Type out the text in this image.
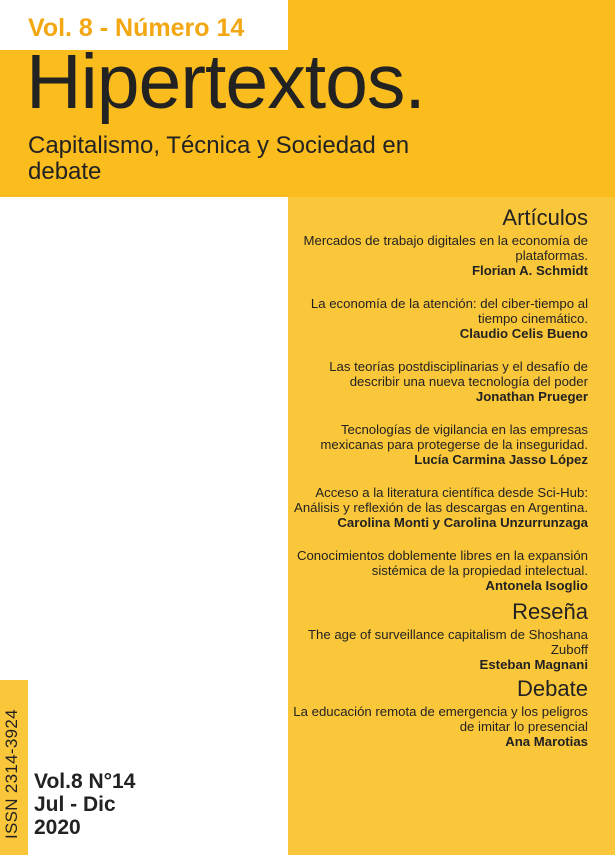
Vol. 8 - Número 14
Hipertextos.
Capitalismo, Técnica y Sociedad en debate
ISSN 2314-3924 Vol.8 N°14
Jul - Dic
2020
Artículos
Mercados de trabajo digitales en la economía de plataformas.
Florian A. Schmidt
La economía de la atención: del ciber-tiempo al tiempo cinemático.
Claudio Celis Bueno
Las teorías postdisciplinarias y el desafío de describir una nueva tecnología del poder
Jonathan Prueger
Tecnologías de vigilancia en las empresas mexicanas para protegerse de la inseguridad.
Lucía Carmina Jasso López
Acceso a la literatura científica desde Sci-Hub: Análisis y reflexión de las descargas en Argentina.
Carolina Monti y Carolina Unzurrunzaga
Conocimientos doblemente libres en la expansión sistémica de la propiedad intelectual.
Antonela Isoglio
Reseña
The age of surveillance capitalism de Shoshana Zuboff
Esteban Magnani
Debate
La educación remota de emergencia y los peligros de imitar lo presencial
Ana Marotias
